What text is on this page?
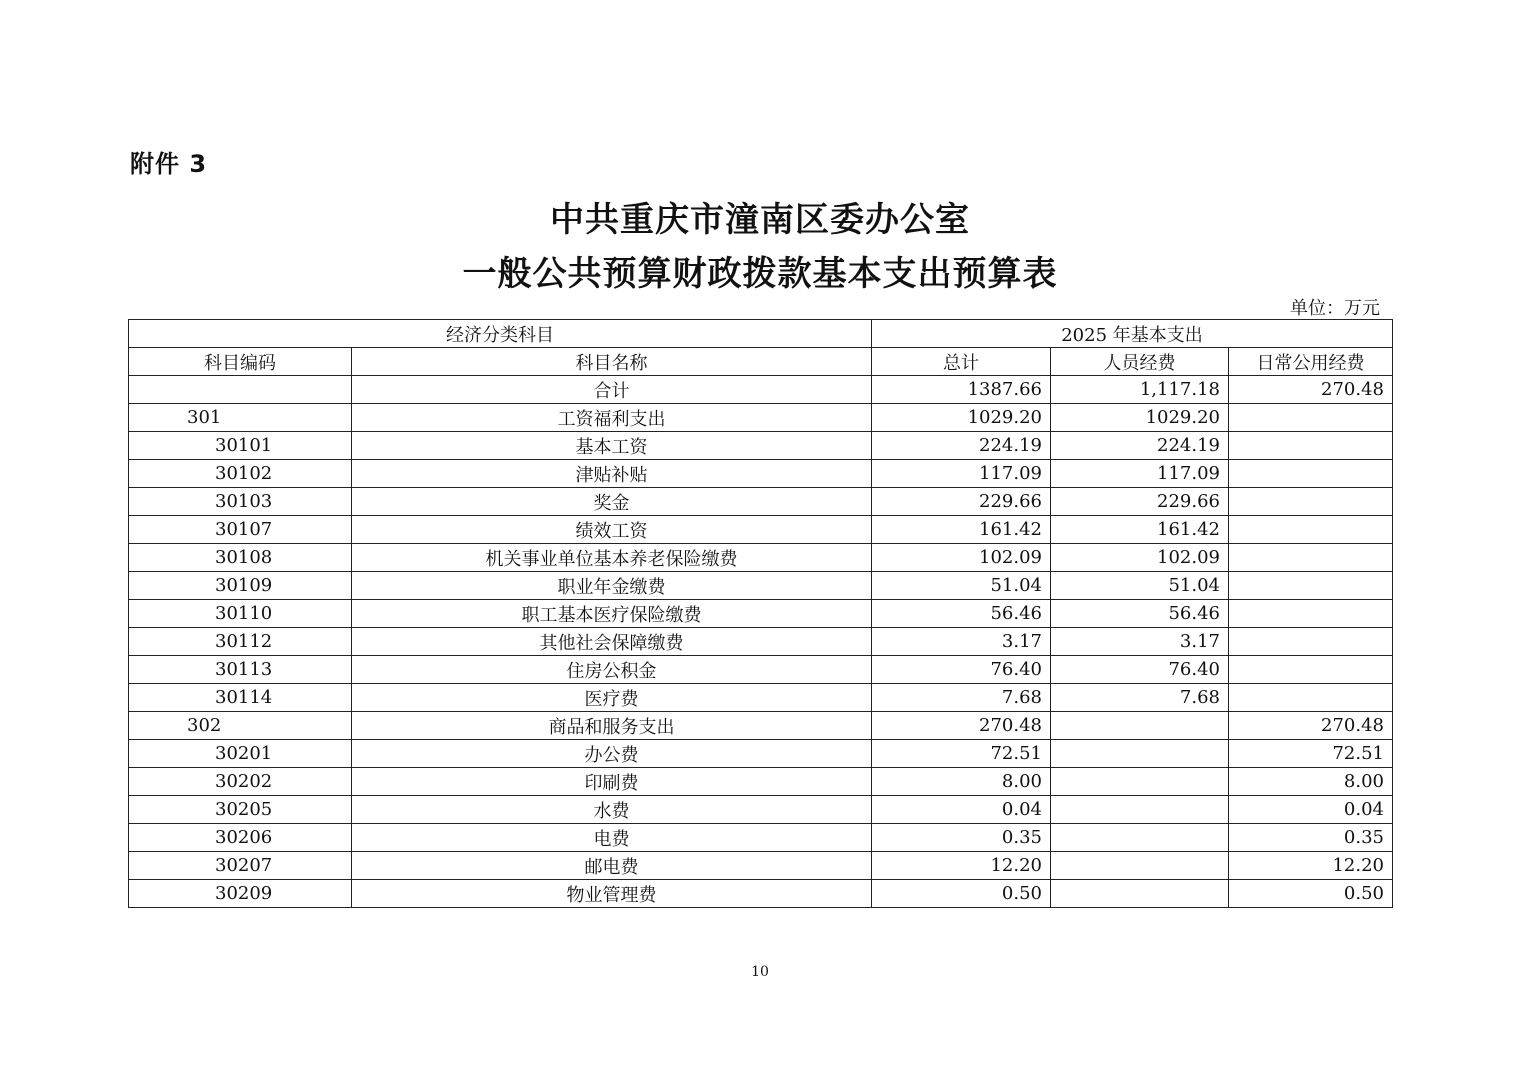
附件 3
中共重庆市潼南区委办公室
一般公共预算财政拨款基本支出预算表
单位：万元
经济分类科目		2025 年基本支出		
科目编码	科目名称	总计	人员经费	日常公用经费
	合计	1387.66	1,117.18	270.48
301	工资福利支出	1029.20	1029.20	
30101	基本工资	224.19	224.19	
30102	津贴补贴	117.09	117.09	
30103	奖金	229.66	229.66	
30107	绩效工资	161.42	161.42	
30108	机关事业单位基本养老保险缴费	102.09	102.09	
30109	职业年金缴费	51.04	51.04	
30110	职工基本医疗保险缴费	56.46	56.46	
30112	其他社会保障缴费	3.17	3.17	
30113	住房公积金	76.40	76.40	
30114	医疗费	7.68	7.68	
302	商品和服务支出	270.48		270.48
30201	办公费	72.51		72.51
30202	印刷费	8.00		8.00
30205	水费	0.04		0.04
30206	电费	0.35		0.35
30207	邮电费	12.20		12.20
30209	物业管理费	0.50		0.50
10
